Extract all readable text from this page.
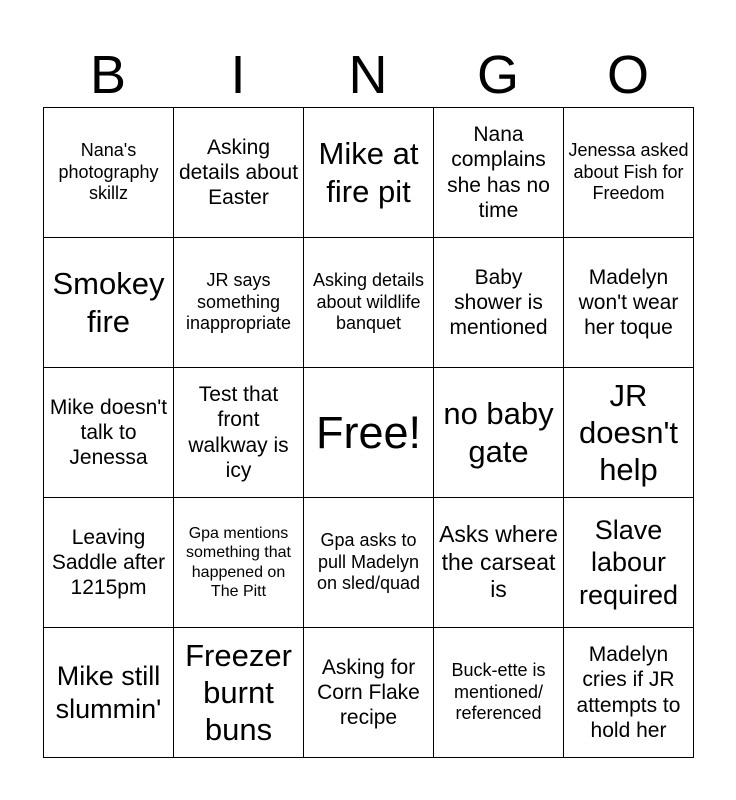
B	I	N	G	O
Nana's photography skillz	Asking details about Easter	Mike at fire pit	Nana complains she has no time	Jenessa asked about Fish for Freedom
Smokey fire	JR says something inappropriate	Asking details about wildlife banquet	Baby shower is mentioned	Madelyn won't wear her toque
Mike doesn't talk to Jenessa	Test that front walkway is icy	Free!	no baby gate	JR doesn't help
Leaving Saddle after 1215pm	Gpa mentions something that happened on The Pitt	Gpa asks to pull Madelyn on sled/quad	Asks where the carseat is	Slave labour required
Mike still slummin'	Freezer burnt buns	Asking for Corn Flake recipe	Buck-ette is mentioned/ referenced	Madelyn cries if JR attempts to hold her
